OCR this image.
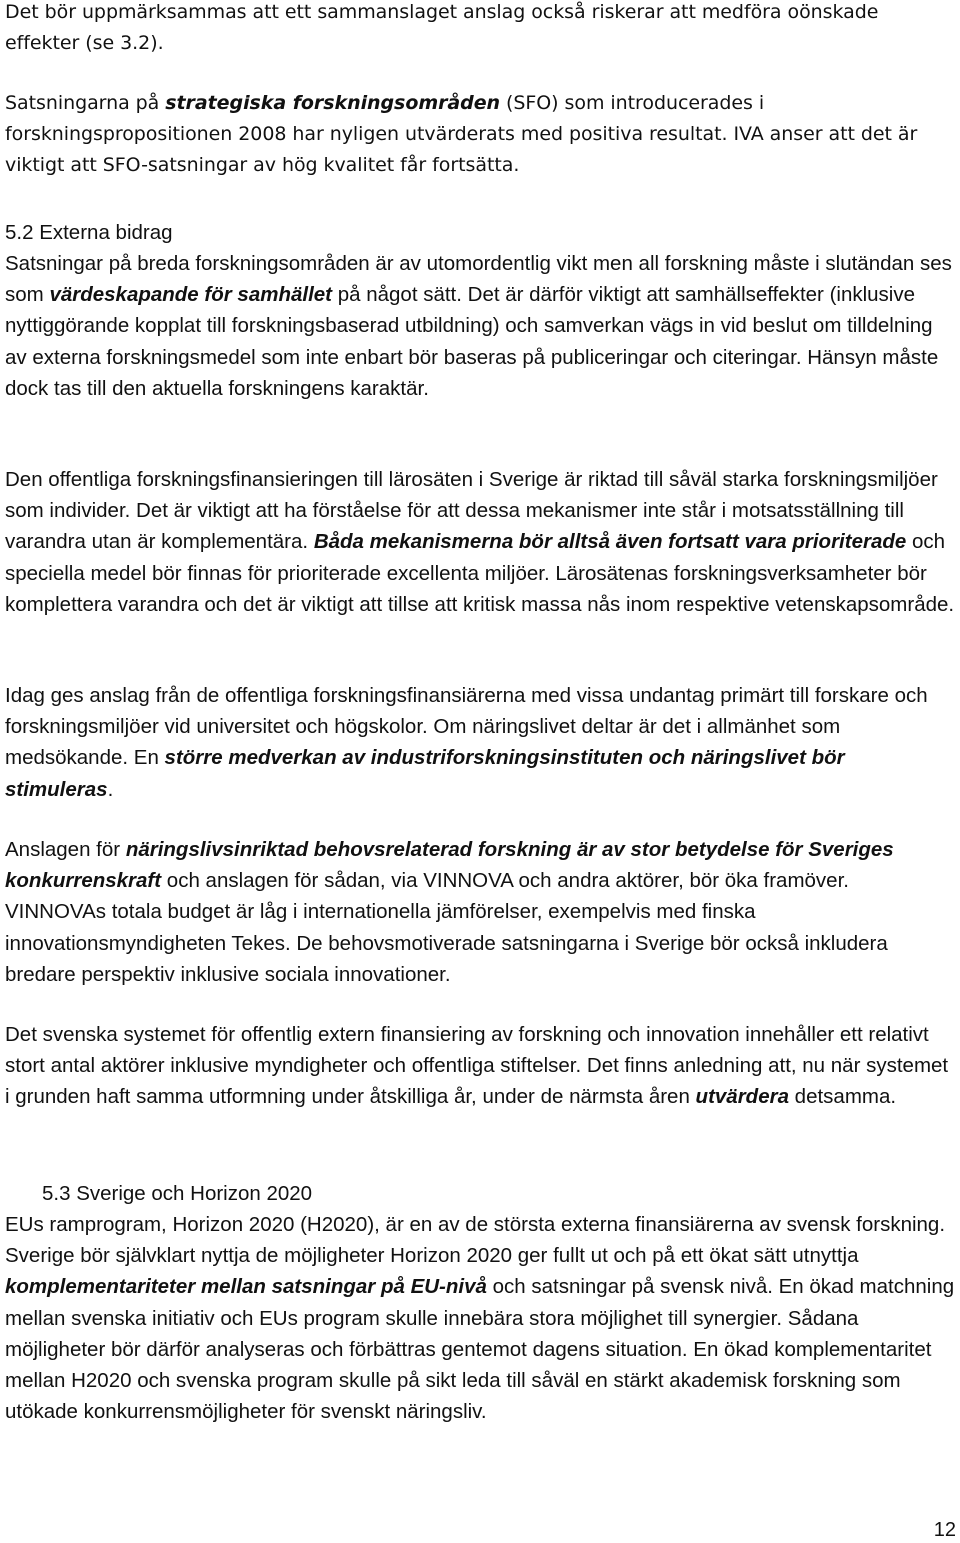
Det bör uppmärksammas att ett sammanslaget anslag också riskerar att medföra oönskade effekter (se 3.2).

Satsningarna på strategiska forskningsområden (SFO) som introducerades i forskningspropositionen 2008 har nyligen utvärderats med positiva resultat. IVA anser att det är viktigt att SFO-satsningar av hög kvalitet får fortsätta.

5.2 Externa bidrag

Satsningar på breda forskningsområden är av utomordentlig vikt men all forskning måste i slutändan ses som värdeskapande för samhället på något sätt. Det är därför viktigt att samhällseffekter (inklusive nyttiggörande kopplat till forskningsbaserad utbildning) och samverkan vägs in vid beslut om tilldelning av externa forskningsmedel som inte enbart bör baseras på publiceringar och citeringar. Hänsyn måste dock tas till den aktuella forskningens karaktär.

Den offentliga forskningsfinansieringen till lärosäten i Sverige är riktad till såväl starka forskningsmiljöer som individer. Det är viktigt att ha förståelse för att dessa mekanismer inte står i motsatsställning till varandra utan är komplementära. Båda mekanismerna bör alltså även fortsatt vara prioriterade och speciella medel bör finnas för prioriterade excellenta miljöer. Lärosätenas forskningsverksamheter bör komplettera varandra och det är viktigt att tillse att kritisk massa nås inom respektive vetenskapsområde.

Idag ges anslag från de offentliga forskningsfinansiärerna med vissa undantag primärt till forskare och forskningsmiljöer vid universitet och högskolor. Om näringslivet deltar är det i allmänhet som medsökande. En större medverkan av industriforskningsinstituten och näringslivet bör stimuleras.

Anslagen för näringslivsinriktad behovsrelaterad forskning är av stor betydelse för Sveriges konkurrenskraft och anslagen för sådan, via VINNOVA och andra aktörer, bör öka framöver. VINNOVAs totala budget är låg i internationella jämförelser, exempelvis med finska innovationsmyndigheten Tekes. De behovsmotiverade satsningarna i Sverige bör också inkludera bredare perspektiv inklusive sociala innovationer.

Det svenska systemet för offentlig extern finansiering av forskning och innovation innehåller ett relativt stort antal aktörer inklusive myndigheter och offentliga stiftelser. Det finns anledning att, nu när systemet i grunden haft samma utformning under åtskilliga år, under de närmsta åren utvärdera detsamma.

5.3 Sverige och Horizon 2020

EUs ramprogram, Horizon 2020 (H2020), är en av de största externa finansiärerna av svensk forskning. Sverige bör självklart nyttja de möjligheter Horizon 2020 ger fullt ut och på ett ökat sätt utnyttja komplementariteter mellan satsningar på EU-nivå och satsningar på svensk nivå. En ökad matchning mellan svenska initiativ och EUs program skulle innebära stora möjlighet till synergier. Sådana möjligheter bör därför analyseras och förbättras gentemot dagens situation. En ökad komplementaritet mellan H2020 och svenska program skulle på sikt leda till såväl en stärkt akademisk forskning som utökade konkurrensmöjligheter för svenskt näringsliv.

12
